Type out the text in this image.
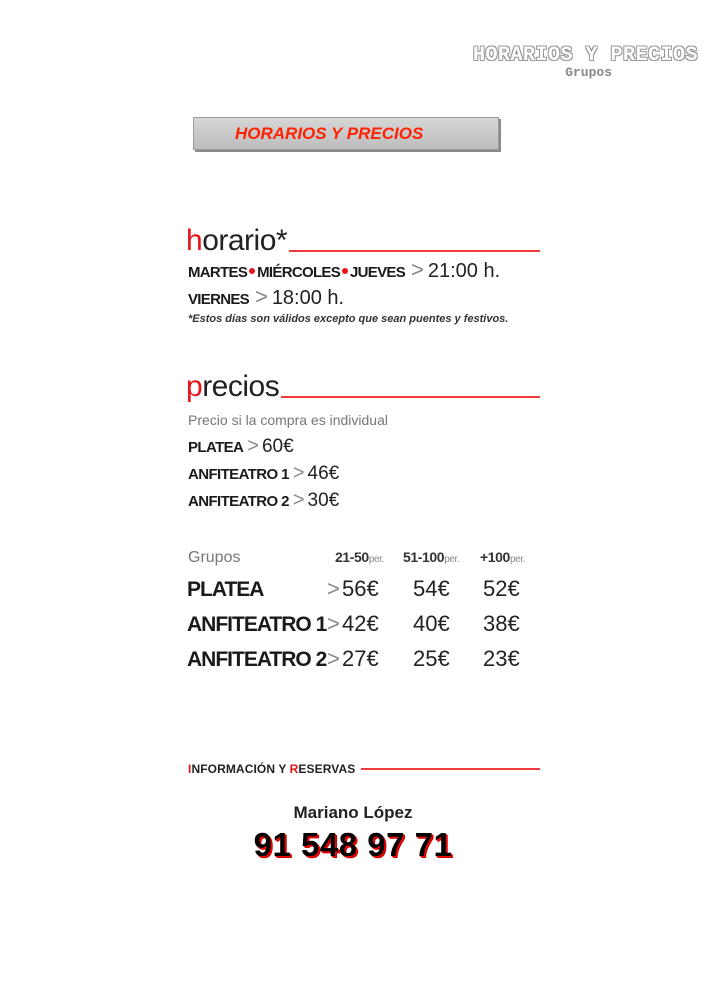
HORARIOS Y PRECIOS
Grupos
HORARIOS Y PRECIOS
horario*
MARTES MIÉRCOLES JUEVES > 21:00 h.
VIERNES > 18:00 h.
*Estos días son válidos excepto que sean puentes y festivos.
precios
Precio si la compra es individual
PLATEA > 60€
ANFITEATRO 1 > 46€
ANFITEATRO 2 > 30€
Grupos	21-50per. 51-100per. +100per.
PLATEA	> 56€ 54€ 52€
ANFITEATRO 1 > 42€ 40€ 38€
ANFITEATRO 2 > 27€ 25€ 23€
INFORMACIÓN Y RESERVAS
Mariano López
91 548 97 71
